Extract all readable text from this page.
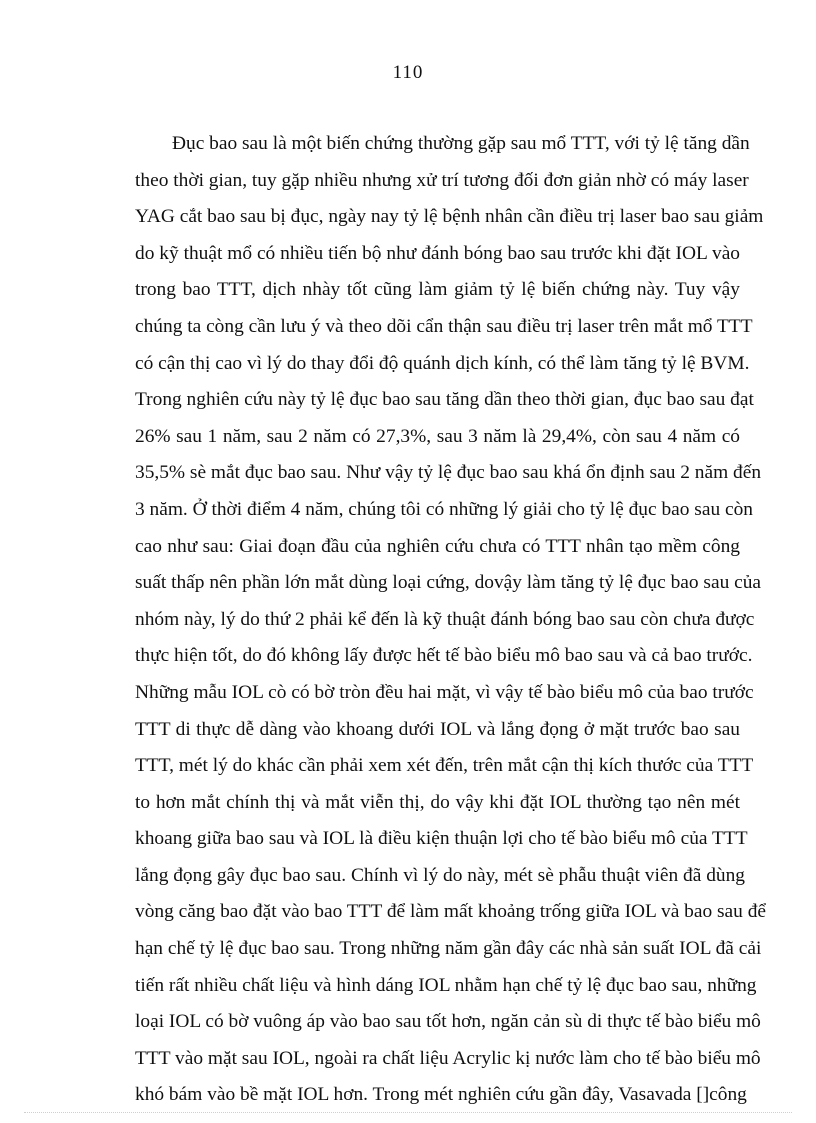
110

Đục bao sau là một biến chứng thường gặp sau mổ TTT, với tỷ lệ tăng dần
theo thời gian, tuy gặp nhiều nhưng xử trí tương đối đơn giản nhờ có máy laser
YAG cắt bao sau bị đục, ngày nay tỷ lệ bệnh nhân cần điều trị laser bao sau giảm
do kỹ thuật mổ có nhiều tiến bộ như đánh bóng bao sau trước khi đặt IOL vào
trong bao TTT, dịch nhày tốt cũng làm giảm tỷ lệ biến chứng này. Tuy vậy
chúng ta còng cần lưu ý và theo dõi cẩn thận sau điều trị laser trên mắt mổ TTT
có cận thị cao vì lý do thay đổi độ quánh dịch kính, có thể làm tăng tỷ lệ BVM.
Trong nghiên cứu này tỷ lệ đục bao sau tăng dần theo thời gian, đục bao sau đạt
26% sau 1 năm, sau 2 năm có 27,3%, sau 3 năm là 29,4%, còn sau 4 năm có
35,5% sè mắt đục bao sau. Như vậy tỷ lệ đục bao sau khá ổn định sau 2 năm đến
3 năm. Ở thời điểm 4 năm, chúng tôi có những lý giải cho tỷ lệ đục bao sau còn
cao như sau: Giai đoạn đầu của nghiên cứu chưa có TTT nhân tạo mềm công
suất thấp nên phần lớn mắt dùng loại cứng, dovậy làm tăng tỷ lệ đục bao sau của
nhóm này, lý do thứ 2 phải kể đến là kỹ thuật đánh bóng bao sau còn chưa được
thực hiện tốt, do đó không lấy được hết tế bào biểu mô bao sau và cả bao trước.
Những mẫu IOL cò có bờ tròn đều hai mặt, vì vậy tế bào biểu mô của bao trước
TTT di thực dễ dàng vào khoang dưới IOL và lắng đọng ở mặt trước bao sau
TTT, mét lý do khác cần phải xem xét đến, trên mắt cận thị kích thước của TTT
to hơn mắt chính thị và mắt viễn thị, do vậy khi đặt IOL thường tạo nên mét
khoang giữa bao sau và IOL là điều kiện thuận lợi cho tế bào biểu mô của TTT
lắng đọng gây đục bao sau. Chính vì lý do này, mét sè phẫu thuật viên đã dùng
vòng căng bao đặt vào bao TTT để làm mất khoảng trống giữa IOL và bao sau để
hạn chế tỷ lệ đục bao sau. Trong những năm gần đây các nhà sản suất IOL đã cải
tiến rất nhiều chất liệu và hình dáng IOL nhằm hạn chế tỷ lệ đục bao sau, những
loại IOL có bờ vuông áp vào bao sau tốt hơn, ngăn cản sù di thực tế bào biểu mô
TTT vào mặt sau IOL, ngoài ra chất liệu Acrylic kị nước làm cho tế bào biểu mô
khó bám vào bề mặt IOL hơn. Trong mét nghiên cứu gần đây, Vasavada []công
